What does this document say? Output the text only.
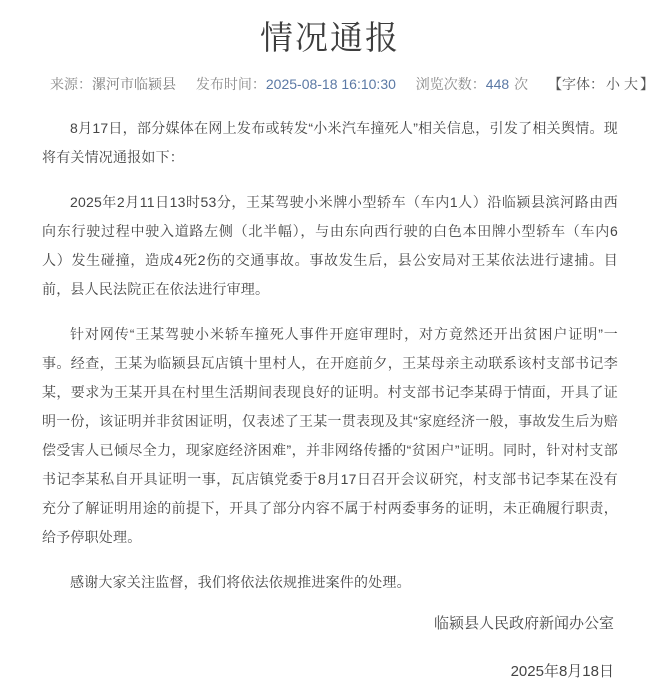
情况通报
来源：漯河市临颍县 发布时间：2025-08-18 16:10:30 浏览次数：448 次 【字体： 小 大 】

8月17日，部分媒体在网上发布或转发“小米汽车撞死人”相关信息，引发了相关舆情。现将有关情况通报如下：

2025年2月11日13时53分，王某驾驶小米牌小型轿车（车内1人）沿临颍县滨河路由西向东行驶过程中驶入道路左侧（北半幅），与由东向西行驶的白色本田牌小型轿车（车内6人）发生碰撞，造成4死2伤的交通事故。事故发生后，县公安局对王某依法进行逮捕。目前，县人民法院正在依法进行审理。

针对网传“王某驾驶小米轿车撞死人事件开庭审理时，对方竟然还开出贫困户证明”一事。经查，王某为临颍县瓦店镇十里村人，在开庭前夕，王某母亲主动联系该村支部书记李某，要求为王某开具在村里生活期间表现良好的证明。村支部书记李某碍于情面，开具了证明一份，该证明并非贫困证明，仅表述了王某一贯表现及其“家庭经济一般，事故发生后为赔偿受害人已倾尽全力，现家庭经济困难”，并非网络传播的“贫困户”证明。同时，针对村支部书记李某私自开具证明一事，瓦店镇党委于8月17日召开会议研究，村支部书记李某在没有充分了解证明用途的前提下，开具了部分内容不属于村两委事务的证明，未正确履行职责，给予停职处理。

感谢大家关注监督，我们将依法依规推进案件的处理。

临颍县人民政府新闻办公室
2025年8月18日
